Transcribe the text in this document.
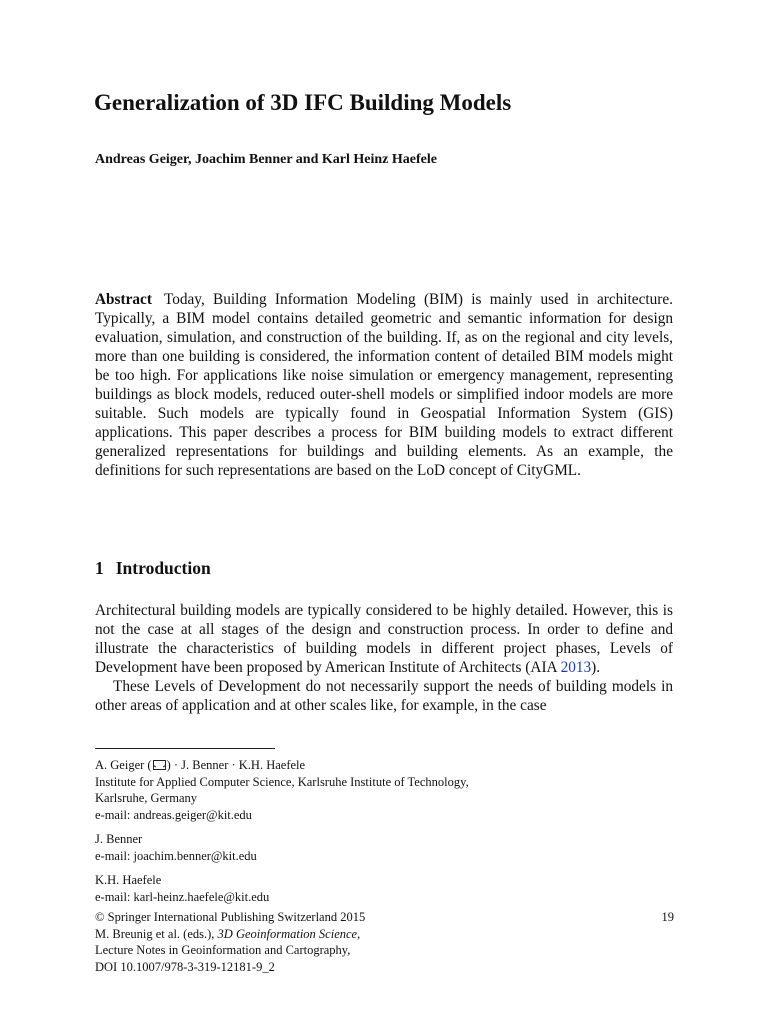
Generalization of 3D IFC Building Models
Andreas Geiger, Joachim Benner and Karl Heinz Haefele

Abstract Today, Building Information Modeling (BIM) is mainly used in architecture. Typically, a BIM model contains detailed geometric and semantic information for design evaluation, simulation, and construction of the building. If, as on the regional and city levels, more than one building is considered, the information content of detailed BIM models might be too high. For applications like noise simulation or emergency management, representing buildings as block models, reduced outer-shell models or simplified indoor models are more suitable. Such models are typically found in Geospatial Information System (GIS) applications. This paper describes a process for BIM building models to extract different generalized representations for buildings and building elements. As an example, the definitions for such representations are based on the LoD concept of CityGML.

1 Introduction

Architectural building models are typically considered to be highly detailed. However, this is not the case at all stages of the design and construction process. In order to define and illustrate the characteristics of building models in different project phases, Levels of Development have been proposed by American Institute of Architects (AIA 2013).

These Levels of Development do not necessarily support the needs of building models in other areas of application and at other scales like, for example, in the case

A. Geiger ( ) · J. Benner · K.H. Haefele
Institute for Applied Computer Science, Karlsruhe Institute of Technology,
Karlsruhe, Germany
e-mail: andreas.geiger@kit.edu
J. Benner
e-mail: joachim.benner@kit.edu
K.H. Haefele
e-mail: karl-heinz.haefele@kit.edu
© Springer International Publishing Switzerland 2015
M. Breunig et al. (eds.), 3D Geoinformation Science,
Lecture Notes in Geoinformation and Cartography,
DOI 10.1007/978-3-319-12181-9_2
19
